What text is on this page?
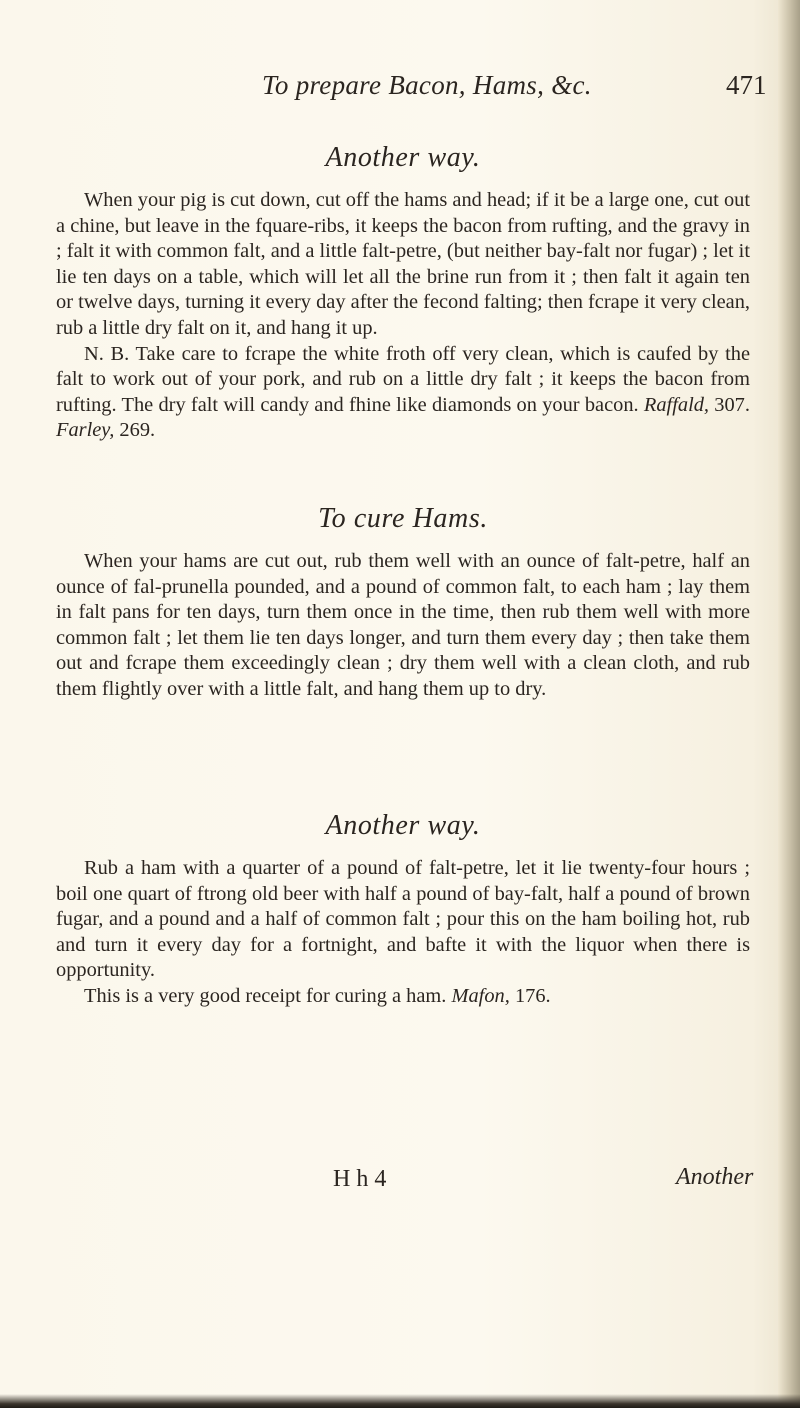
To prepare Bacon, Hams, &c.	471
Another way.

When your pig is cut down, cut off the hams and head; if it be a large one, cut out a chine, but leave in the fquare-ribs, it keeps the bacon from rufting, and the gravy in ; falt it with common falt, and a little falt-petre, (but neither bay-falt nor fugar) ; let it lie ten days on a table, which will let all the brine run from it ; then falt it again ten or twelve days, turning it every day after the fecond falting; then fcrape it very clean, rub a little dry falt on it, and hang it up.

N. B. Take care to fcrape the white froth off very clean, which is caufed by the falt to work out of your pork, and rub on a little dry falt ; it keeps the bacon from rufting. The dry falt will candy and fhine like diamonds on your bacon. Raffald, 307. Farley, 269.

To cure Hams.

When your hams are cut out, rub them well with an ounce of falt-petre, half an ounce of fal-prunella pounded, and a pound of common falt, to each ham ; lay them in falt pans for ten days, turn them once in the time, then rub them well with more common falt ; let them lie ten days longer, and turn them every day ; then take them out and fcrape them exceedingly clean ; dry them well with a clean cloth, and rub them flightly over with a little falt, and hang them up to dry.

Another way.

Rub a ham with a quarter of a pound of falt-petre, let it lie twenty-four hours ; boil one quart of ftrong old beer with half a pound of bay-falt, half a pound of brown fugar, and a pound and a half of common falt ; pour this on the ham boiling hot, rub and turn it every day for a fortnight, and bafte it with the liquor when there is opportunity.

This is a very good receipt for curing a ham. Mafon, 176.

H h 4	Another
